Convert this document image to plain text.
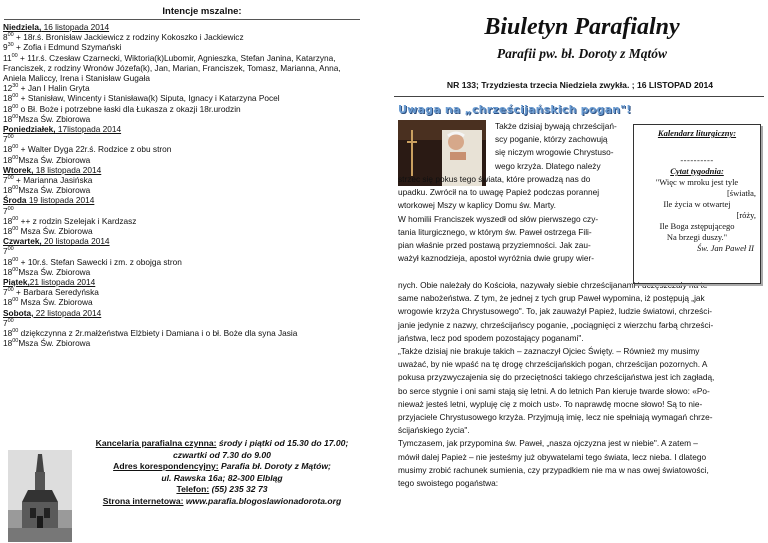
Intencje mszalne:
Niedziela, 16 listopada 2014
$8^{00}$ + 18r.ś. Bronisław Jackiewicz z rodziny Kokoszko i Jackiewicz
$9^{30}$ + Zofia i Edmund Szymański
$11^{00}$ + 11r.ś. Czesław Czarnecki, Wiktoria(k)Lubomir, Agnieszka, Stefan Janina, Katarzyna, Franciszek, z rodziny Wronów Józefa(k), Jan, Marian, Franciszek, Tomasz, Marianna, Anna, Aniela Maliccy, Irena i Stanisław Gugała
$12^{30}$ + Jan I Halin Gryta
$18^{00}$ + Stanisław, Wincenty i Stanisława(k) Siputa, Ignacy i Katarzyna Pocel
$18^{00}$ o Bł. Boże i potrzebne łaski dla Łukasza z okazji 18r.urodzin
$18^{00}Msza$ Św. Zbiorowa
Poniedziałek, 17listopada 2014
$7^{00}$
$18^{00}$ + Walter Dyga 22r.ś. Rodzice z obu stron
$18^{00}Msza$ Św. Zbiorowa
Wtorek, 18 listopada 2014
$7^{00}$ + Marianna Jasińska
$18^{00}Msza$ Św. Zbiorowa
Środa 19 listopada 2014
$7^{00}$
$18^{00} ++ z$ rodzin Szelejak i Kardzasz
$18^{00}$ Msza Św. Zbiorowa
Czwartek, 20 listopada 2014
$7^{00}$
$18^{00}$ + 10r.ś. Stefan Sawecki i zm. z obojga stron
$18^{00}Msza$ Św. Zbiorowa
Piątek,21 listopada 2014
$7^{00}$ + Barbara Seredyńska
$18^{00}$ Msza Św. Zbiorowa
Sobota, 22 listopada 2014
$7^{00}$
$18^{00}$ dziękczynna z 2r.małżeństwa Elżbiety i Damiana i o bł. Boże dla syna Jasia
$18^{00}Msza$ Św. Zbiorowa
Kancelaria parafialna czynna: środy i piątki od 15.30 do 17.00;
czwartki od 7.30 do 9.00
Adres korespondencyjny: Parafia bł. Doroty z Mątów;
ul. Rawska 16a; 82-300 Elbląg
Telefon: (55) 235 32 73
Strona internetowa: www.parafia.blogoslawionadorota.org
Biuletyn Parafialny
Parafii pw. bł. Doroty z Mątów
NR 133; Trzydziesta trzecia Niedziela zwykła. ; 16 LISTOPAD 2014
Uwaga na „chrześcijańskich pogan"!
Także dzisiaj bywają chrześcijań-
scy poganie, którzy zachowują
się niczym wrogowie Chrystuso-
wego krzyża. Dlatego należy
strzec się pokus tego świata, które prowadzą nas do
upadku. Zwrócił na to uwagę Papież podczas porannej
wtorkowej Mszy w kaplicy Domu św. Marty.
W homilii Franciszek wyszedł od słów pierwszego czy-
tania liturgicznego, w którym św. Paweł ostrzega Fili-
pian właśnie przed postawą przyziemności. Jak zau-
ważył kaznodzieja, apostoł wyróżnia dwie grupy wier-
nych. Obie należały do Kościoła, nazywały siebie chrześcijanami i uczęszczały na te
same nabożeństwa. Z tym, że jednej z tych grup Paweł wypomina, iż postępują „jak
wrogowie krzyża Chrystusowego". To, jak zauważył Papież, ludzie światowi, chrześci-
janie jedynie z nazwy, chrześcijańscy poganie, „pociągnięci z wierzchu farbą chrześci-
jaństwa, lecz pod spodem pozostający poganami".
„Także dzisiaj nie brakuje takich – zaznaczył Ojciec Święty. – Również my musimy
uważać, by nie wpaść na tę drogę chrześcijańskich pogan, chrześcijan pozornych. A
pokusa przyzwyczajenia się do przeciętności takiego chrześcijaństwa jest ich zagładą,
bo serce stygnie i oni sami stają się letni. A do letnich Pan kieruje twarde słowo: «Po-
nieważ jesteś letni, wypluję cię z moich ust». To naprawdę mocne słowo! Są to nie-
przyjaciele Chrystusowego krzyża. Przyjmują imię, lecz nie spełniają wymagań chrze-
ścijańskiego życia".
Tymczasem, jak przypomina św. Paweł, „nasza ojczyzna jest w niebie". A zatem –
mówił dalej Papież – nie jesteśmy już obywatelami tego świata, lecz nieba. I dlatego
musimy zrobić rachunek sumienia, czy przypadkiem nie ma w nas owej światowości,
tego swoistego pogaństwa:
Kalendarz liturgiczny:
----------
Cytat tygodnia:
"Więc w mroku jest tyle
[światła,
Ile życia w otwartej
[róży,
Ile Boga zstępującego
Na brzegi duszy."
Św. Jan Paweł II
